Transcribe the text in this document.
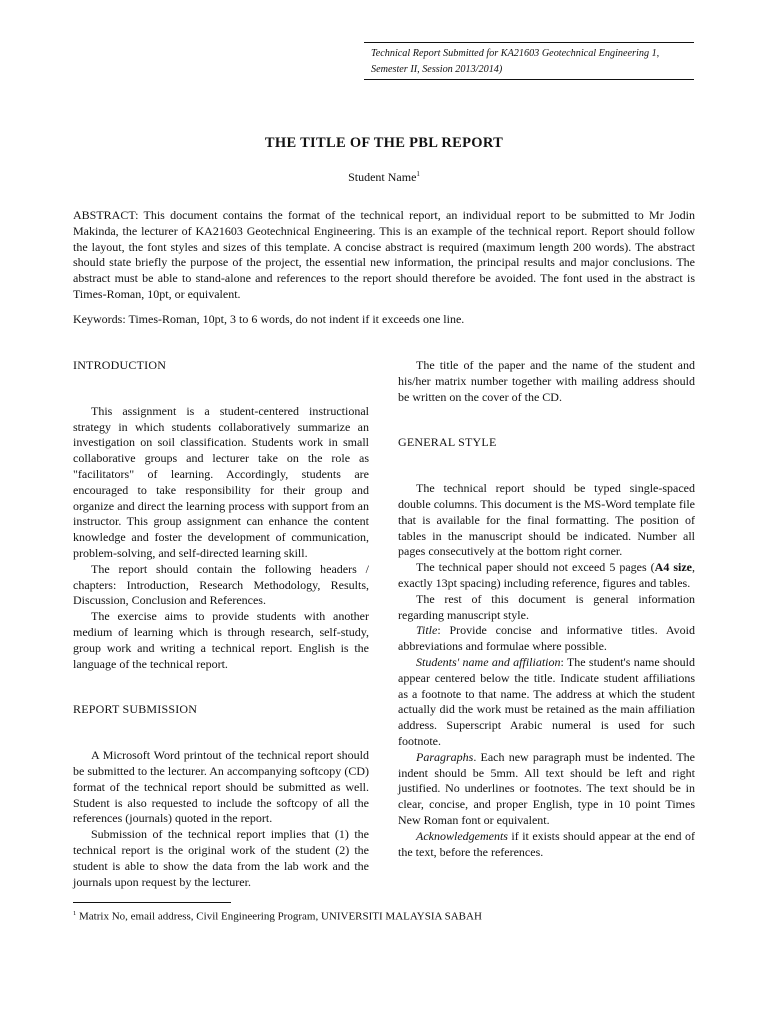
Technical Report Submitted for KA21603 Geotechnical Engineering 1,
Semester II, Session 2013/2014)
THE TITLE OF THE PBL REPORT
Student Name$^1$
ABSTRACT: This document contains the format of the technical report, an individual report to be submitted to Mr Jodin Makinda, the lecturer of KA21603 Geotechnical Engineering. This is an example of the technical report. Report should follow the layout, the font styles and sizes of this template. A concise abstract is required (maximum length 200 words). The abstract should state briefly the purpose of the project, the essential new information, the principal results and major conclusions. The abstract must be able to stand-alone and references to the report should therefore be avoided. The font used in the abstract is Times-Roman, 10pt, or equivalent.
Keywords: Times-Roman, 10pt, 3 to 6 words, do not indent if it exceeds one line.
INTRODUCTION

This assignment is a student-centered instructional strategy in which students collaboratively summarize an investigation on soil classification. Students work in small collaborative groups and lecturer take on the role as "facilitators" of learning. Accordingly, students are encouraged to take responsibility for their group and organize and direct the learning process with support from an instructor. This group assignment can enhance the content knowledge and foster the development of communication, problem-solving, and self-directed learning skill.

The report should contain the following headers / chapters: Introduction, Research Methodology, Results, Discussion, Conclusion and References.

The exercise aims to provide students with another medium of learning which is through research, self-study, group work and writing a technical report. English is the language of the technical report.

REPORT SUBMISSION

A Microsoft Word printout of the technical report should be submitted to the lecturer. An accompanying softcopy (CD) format of the technical report should be submitted as well. Student is also requested to include the softcopy of all the references (journals) quoted in the report.

Submission of the technical report implies that (1) the technical report is the original work of the student (2) the student is able to show the data from the lab work and the journals upon request by the lecturer.

The title of the paper and the name of the student and his/her matrix number together with mailing address should be written on the cover of the CD.

GENERAL STYLE

The technical report should be typed single-spaced double columns. This document is the MS-Word template file that is available for the final formatting. The position of tables in the manuscript should be indicated. Number all pages consecutively at the bottom right corner.

The technical paper should not exceed 5 pages (A4 size, exactly 13pt spacing) including reference, figures and tables.

The rest of this document is general information regarding manuscript style.

Title: Provide concise and informative titles. Avoid abbreviations and formulae where possible.

Students' name and affiliation: The student's name should appear centered below the title. Indicate student affiliations as a footnote to that name. The address at which the student actually did the work must be retained as the main affiliation address. Superscript Arabic numeral is used for such footnote.

Paragraphs. Each new paragraph must be indented. The indent should be 5mm. All text should be left and right justified. No underlines or footnotes. The text should be in clear, concise, and proper English, type in 10 point Times New Roman font or equivalent.

Acknowledgements if it exists should appear at the end of the text, before the references.

$^1$ Matrix No, email address, Civil Engineering Program, UNIVERSITI MALAYSIA SABAH
